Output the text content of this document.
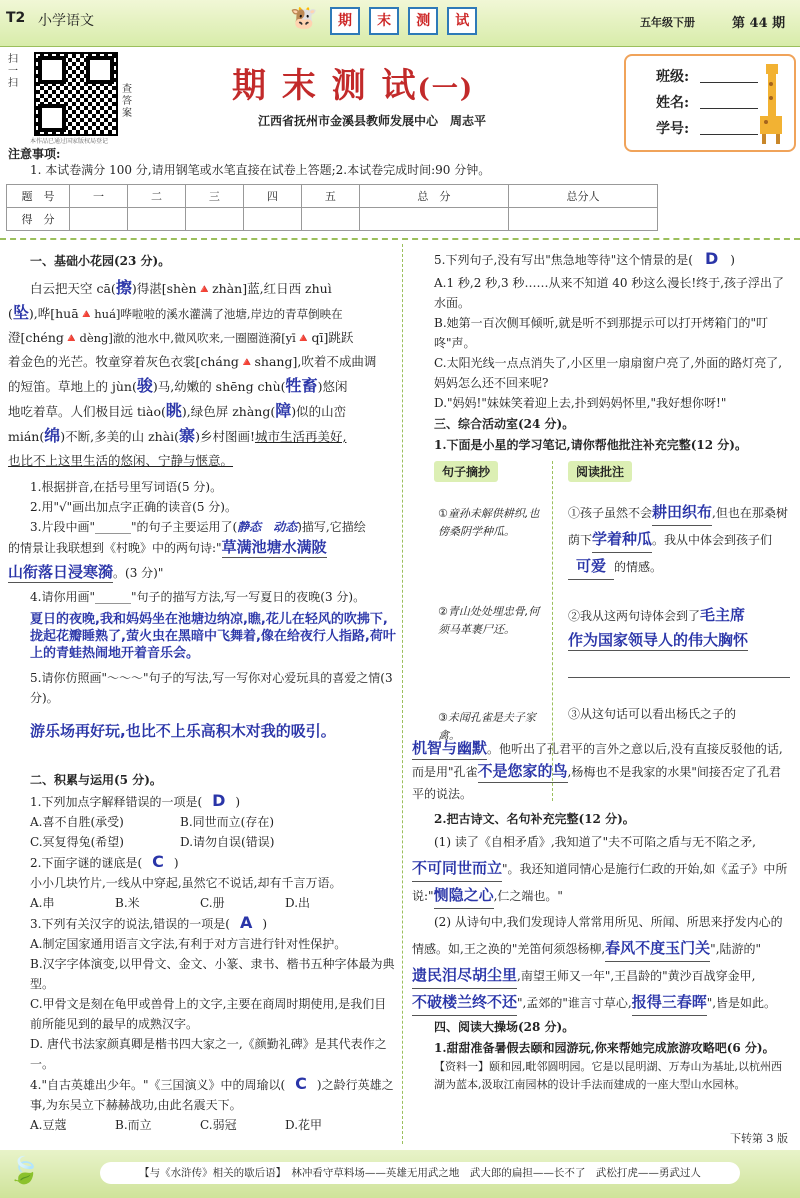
T2 小学语文	期 末 测 试
🐮	五年级下册	第 44 期
扫一扫
查答案
本作品已通过国家版权局登记
期 末 测 试(一)
江西省抚州市金溪县教师发展中心　周志平
班级:
姓名:
学号:
注意事项:
1. 本试卷满分 100 分,请用钢笔或水笔直接在试卷上答题;2.本试卷完成时间:90 分钟。
题　号	一	二	三	四	五	总　分	总分人
得　分							
一、基础小花园(23 分)。
白云把天空 cā(擦)得湛[shèn🔺zhàn]蓝,红日西 zhuì
(坠),哗[huā🔺huá]哗啦啦的溪水灌满了池塘,岸边的青草倒映在
澄[chéng🔺dèng]澈的池水中,微风吹来,一圈圈涟漪[yī🔺qī]跳跃
着金色的光芒。牧童穿着灰色衣裳[cháng🔺shang],吹着不成曲调
的短笛。草地上的 jùn(骏)马,幼嫩的 shēng chù(牲畜)悠闲
地吃着草。人们极目远 tiào(眺),绿色屏 zhàng(障)似的山峦
mián(绵)不断,多美的山 zhài(寨)乡村图画!城市生活再美好,
也比不上这里生活的悠闲、宁静与惬意。
1.根据拼音,在括号里写词语(5 分)。
2.用"√"画出加点字正确的读音(5 分)。
3.片段中画"______"的句子主要运用了(静态　 动态)描写,它描绘
的情景让我联想到《村晚》中的两句诗:"草满池塘水满陂
山衔落日浸寒漪。(3 分)"
4.请你用画"______"句子的描写方法,写一写夏日的夜晚(3 分)。
夏日的夜晚,我和妈妈坐在池塘边纳凉,瞧,花儿在轻风的吹拂下,拢起花瓣睡熟了,萤火虫在黑暗中飞舞着,像在给夜行人指路,荷叶上的青蛙热闹地开着音乐会。
5.请你仿照画"～～～"句子的写法,写一写你对心爱玩具的喜爱之情(3 分)。
游乐场再好玩,也比不上乐高积木对我的吸引。
二、积累与运用(5 分)。
1.下列加点字解释错误的一项是( D )
A.喜不自胜(承受)	B.同世而立(存在)
C.冥复得兔(希望)	D.请勿自误(错误)
2.下面字谜的谜底是( C )
小小几块竹片,一线从中穿起,虽然它不说话,却有千言万语。
A.串	B.米	C.册	D.出
3.下列有关汉字的说法,错误的一项是( A )
A.制定国家通用语言文字法,有利于对方言进行针对性保护。
B.汉字字体演变,以甲骨文、金文、小篆、隶书、楷书五种字体最为典型。
C.甲骨文是刻在龟甲或兽骨上的文字,主要在商周时期使用,是我们目前所能见到的最早的成熟汉字。
D. 唐代书法家颜真卿是楷书四大家之一,《颜勤礼碑》是其代表作之一。
4."自古英雄出少年。"《三国演义》中的周瑜以( C )之龄行英雄之事,为东吴立下赫赫战功,由此名震天下。
A.豆蔻	B.而立	C.弱冠	D.花甲
5.下列句子,没有写出"焦急地等待"这个情景的是( D )
A.1 秒,2 秒,3 秒……从来不知道 40 秒这么漫长!终于,孩子浮出了水面。
B.她第一百次侧耳倾听,就是听不到那提示可以打开烤箱门的"叮咚"声。
C.太阳光线一点点消失了,小区里一扇扇窗户亮了,外面的路灯亮了,妈妈怎么还不回来呢?
D."妈妈!"妹妹笑着迎上去,扑到妈妈怀里,"我好想你呀!"
三、综合活动室(24 分)。
1.下面是小星的学习笔记,请你帮他批注补充完整(12 分)。
句子摘抄	阅读批注
①童孙未解供耕织,也傍桑阴学种瓜。
①孩子虽然不会耕田织布,但也在那桑树荫下学着种瓜。我从中体会到孩子们可爱 的情感。
②青山处处埋忠骨,何须马革裹尸还。
②我从这两句诗体会到了毛主席
作为国家领导人的伟大胸怀
③未闻孔雀是夫子家禽。
③从这句话可以看出杨氏之子的
机智与幽默。他听出了孔君平的言外之意以后,没有直接反驳他的话,而是用"孔雀不是您家的鸟,杨梅也不是我家的水果"间接否定了孔君平的说法。
2.把古诗文、名句补充完整(12 分)。
(1) 读了《自相矛盾》,我知道了"夫不可陷之盾与无不陷之矛,不可同世而立"。我还知道同情心是施行仁政的开始,如《孟子》中所说:"恻隐之心,仁之端也。"
(2) 从诗句中,我们发现诗人常常用所见、所闻、所思来抒发内心的情感。如,王之涣的"羌笛何须怨杨柳,春风不度玉门关",陆游的"遗民泪尽胡尘里,南望王师又一年",王昌龄的"黄沙百战穿金甲,不破楼兰终不还",孟郊的"谁言寸草心,报得三春晖",皆是如此。
四、阅读大操场(28 分)。
1.甜甜准备暑假去颐和园游玩,你来帮她完成旅游攻略吧(6 分)。
【资料一】颐和园,毗邻圆明园。它是以昆明湖、万寿山为基址,以杭州西湖为蓝本,汲取江南园林的设计手法而建成的一座大型山水园林。
下转第 3 版
🍃	【与《水浒传》相关的歇后语】　林冲看守草料场——英雄无用武之地　武大郎的扁担——长不了　武松打虎——勇武过人
